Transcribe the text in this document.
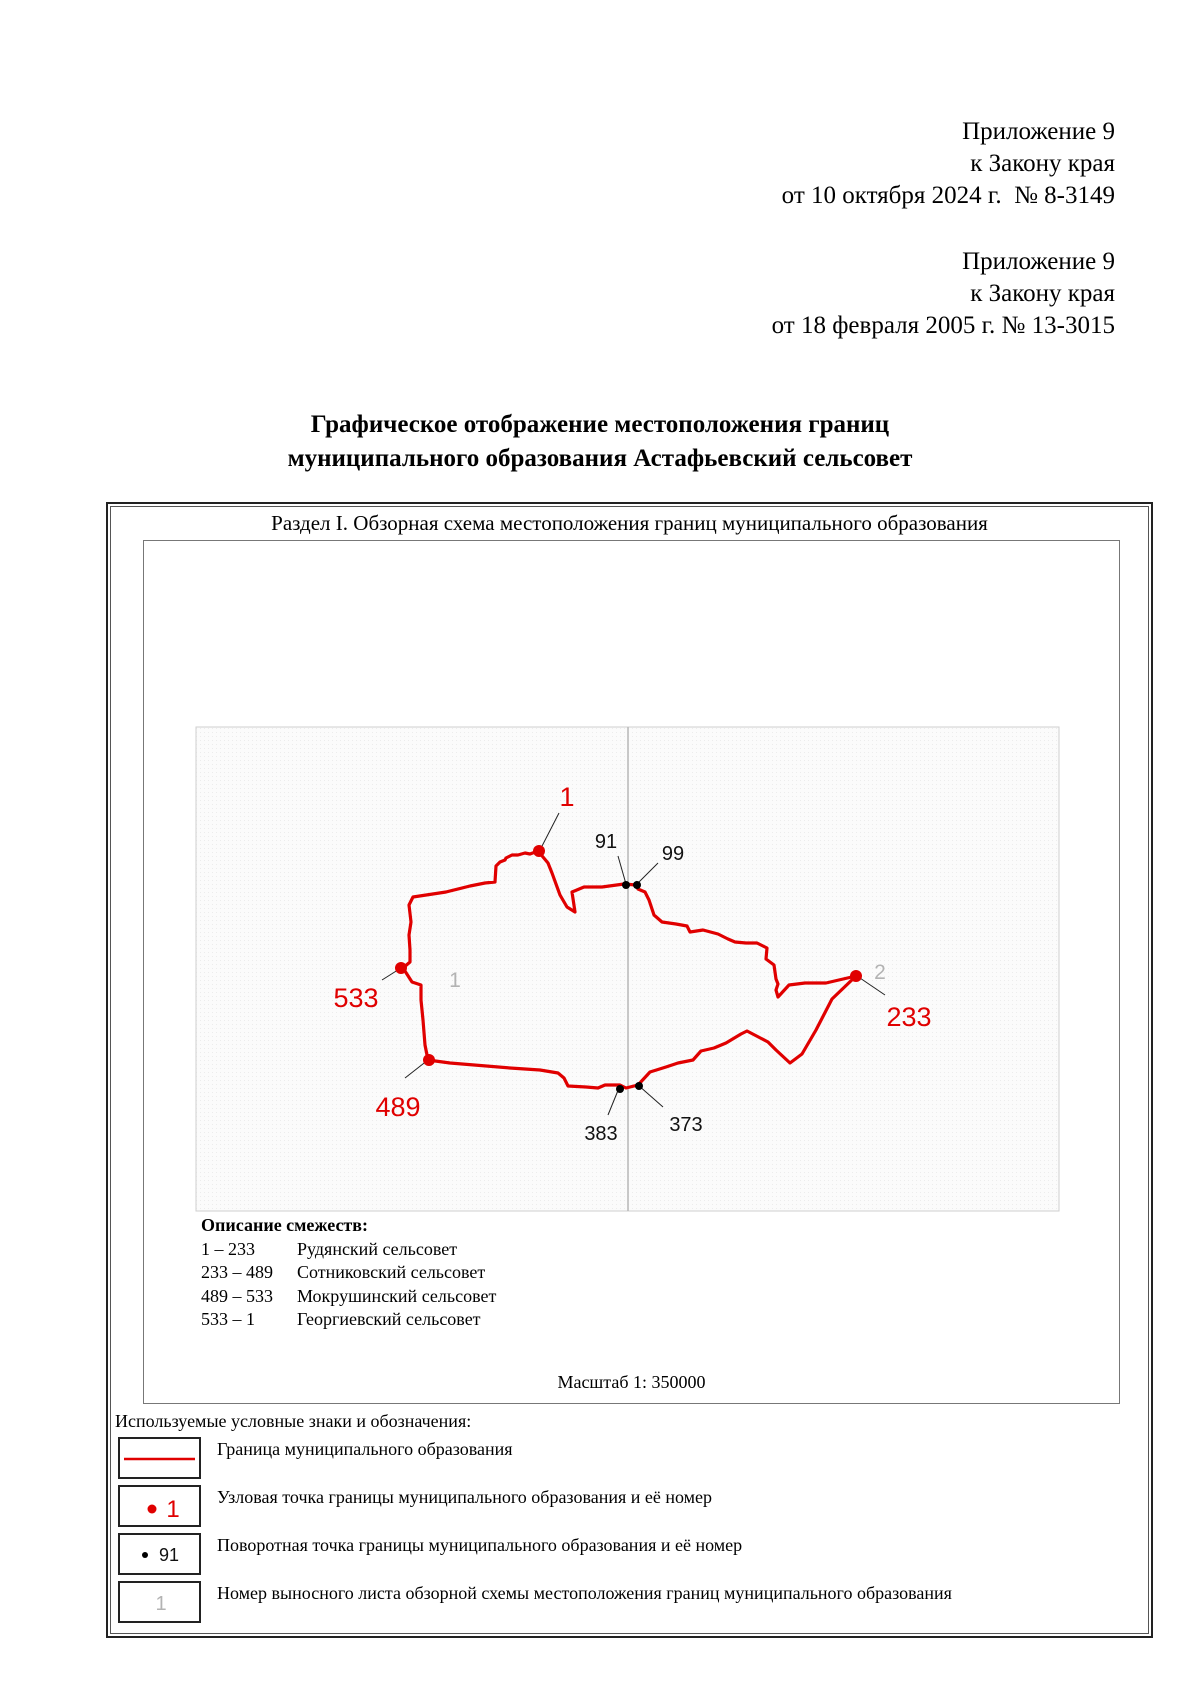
Приложение 9
к Закону края
от 10 октября 2024 г.  № 8-3149
Приложение 9
к Закону края
от 18 февраля 2005 г. № 13-3015
Графическое отображение местоположения границ
муниципального образования Астафьевский сельсовет
Раздел I. Обзорная схема местоположения границ муниципального образования
1
533
233
489
91
99
383	373
1	2
Описание смежеств:
1 – 233	Рудянский сельсовет
233 – 489	Сотниковский сельсовет
489 – 533	Мокрушинский сельсовет
533 – 1	Георгиевский сельсовет
Масштаб 1: 350000
Используемые условные знаки и обозначения:
Граница муниципального образования
1 Узловая точка границы муниципального образования и её номер
91 Поворотная точка границы муниципального образования и её номер
1	Номер выносного листа обзорной схемы местоположения границ муниципального образования
